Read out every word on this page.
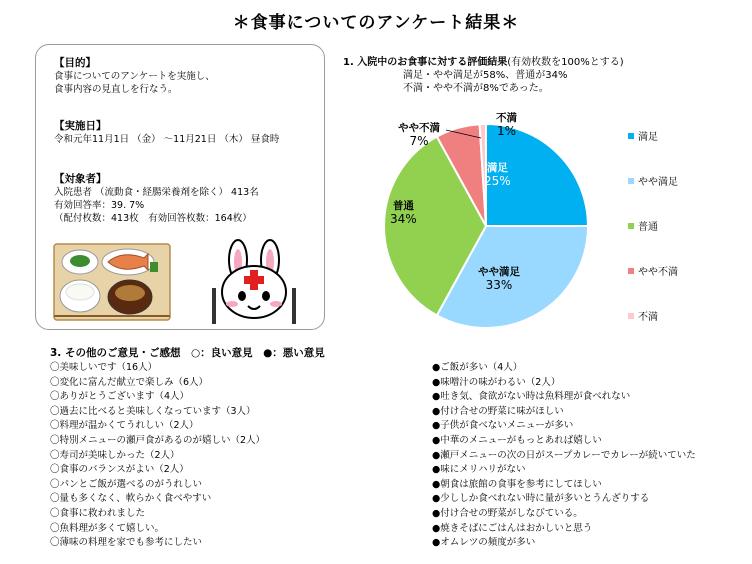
＊食事についてのアンケート結果＊
【目的】

食事についてのアンケートを実施し、

食事内容の見直しを行なう。

【実施日】

令和元年11月1日 （金） ～11月21日 （木） 昼食時

【対象者】

入院患者 （流動食・経腸栄養剤を除く） 413名

有効回答率：39. 7%

（配付枚数：413枚　有効回答枚数：164枚）

1. 入院中のお食事に対する評価結果(有効枚数を100%とする)
満足・やや満足が58%、普通が34%
不満・やや不満が8%であった。
満足
25%
やや満足
33%
普通
34%
やや不満
7%
不満
1%	満足
やや満足
普通
やや不満
不満
3. その他のご意見・ご感想　○：良い意見　●：悪い意見
〇美味しいです（16人）
〇変化に富んだ献立で楽しみ（6人）
〇ありがとうございます（4人）
〇過去に比べると美味しくなっています（3人）
〇料理が温かくてうれしい（2人）
〇特別メニューの瀬戸食があるのが嬉しい（2人）
〇寿司が美味しかった（2人）
〇食事のバランスがよい（2人）
〇パンとご飯が選べるのがうれしい
〇量も多くなく、軟らかく食べやすい
〇食事に救われました
〇魚料理が多くて嬉しい。
〇薄味の料理を家でも参考にしたい
●ご飯が多い（4人）
●味噌汁の味がわるい（2人）
●吐き気、食欲がない時は魚料理が食べれない
●付け合せの野菜に味がほしい
●子供が食べないメニューが多い
●中華のメニューがもっとあれば嬉しい
●瀬戸メニューの次の日がスープカレーでカレーが続いていた
●味にメリハリがない
●朝食は旅館の食事を参考にしてほしい
●少ししか食べれない時に量が多いとうんざりする
●付け合せの野菜がしなびている。
●焼きそばにごはんはおかしいと思う
●オムレツの頻度が多い
